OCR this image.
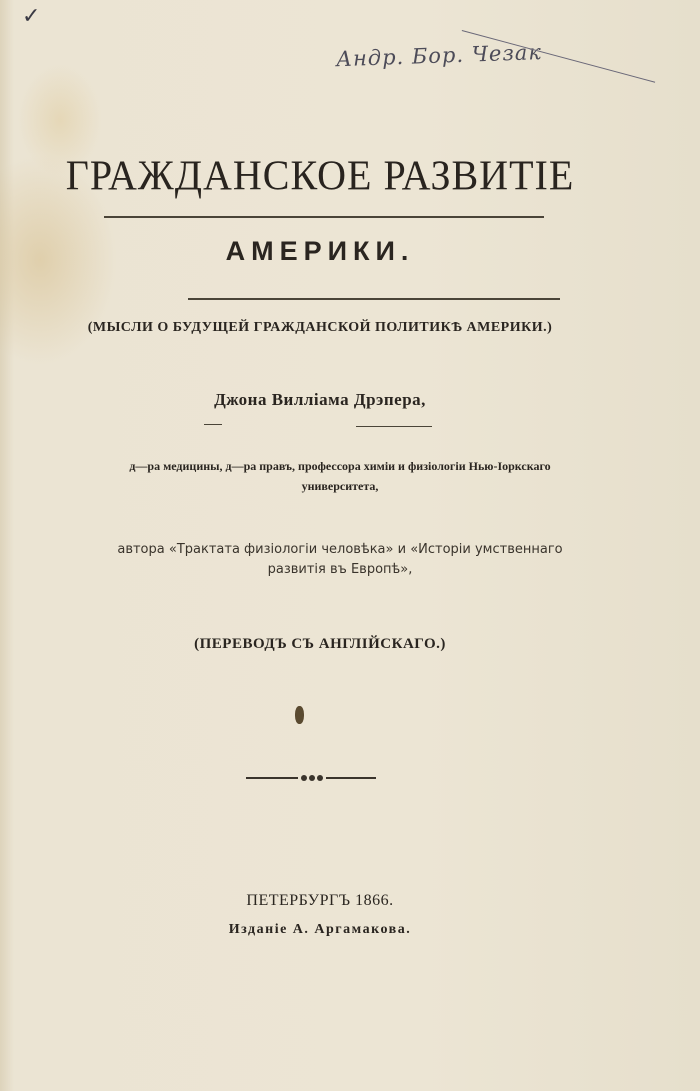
✓
Андр. Бор. Чезак
ГРАЖДАНСКОЕ РАЗВИТІЕ
АМЕРИКИ.
(МЫСЛИ О БУДУЩЕЙ ГРАЖДАНСКОЙ ПОЛИТИКѢ АМЕРИКИ.)
Джона Вилліама Дрэпера,
д—ра медицины, д—ра правъ, профессора химіи и физіологіи Нью-Іоркскаго
университета,
автора «Трактата физіологіи человѣка» и «Исторіи умственнаго
развитія въ Европѣ»,
(ПЕРЕВОДЪ СЪ АНГЛІЙСКАГО.)
ПЕТЕРБУРГЪ 1866.
Изданіе А. Аргамакова.
